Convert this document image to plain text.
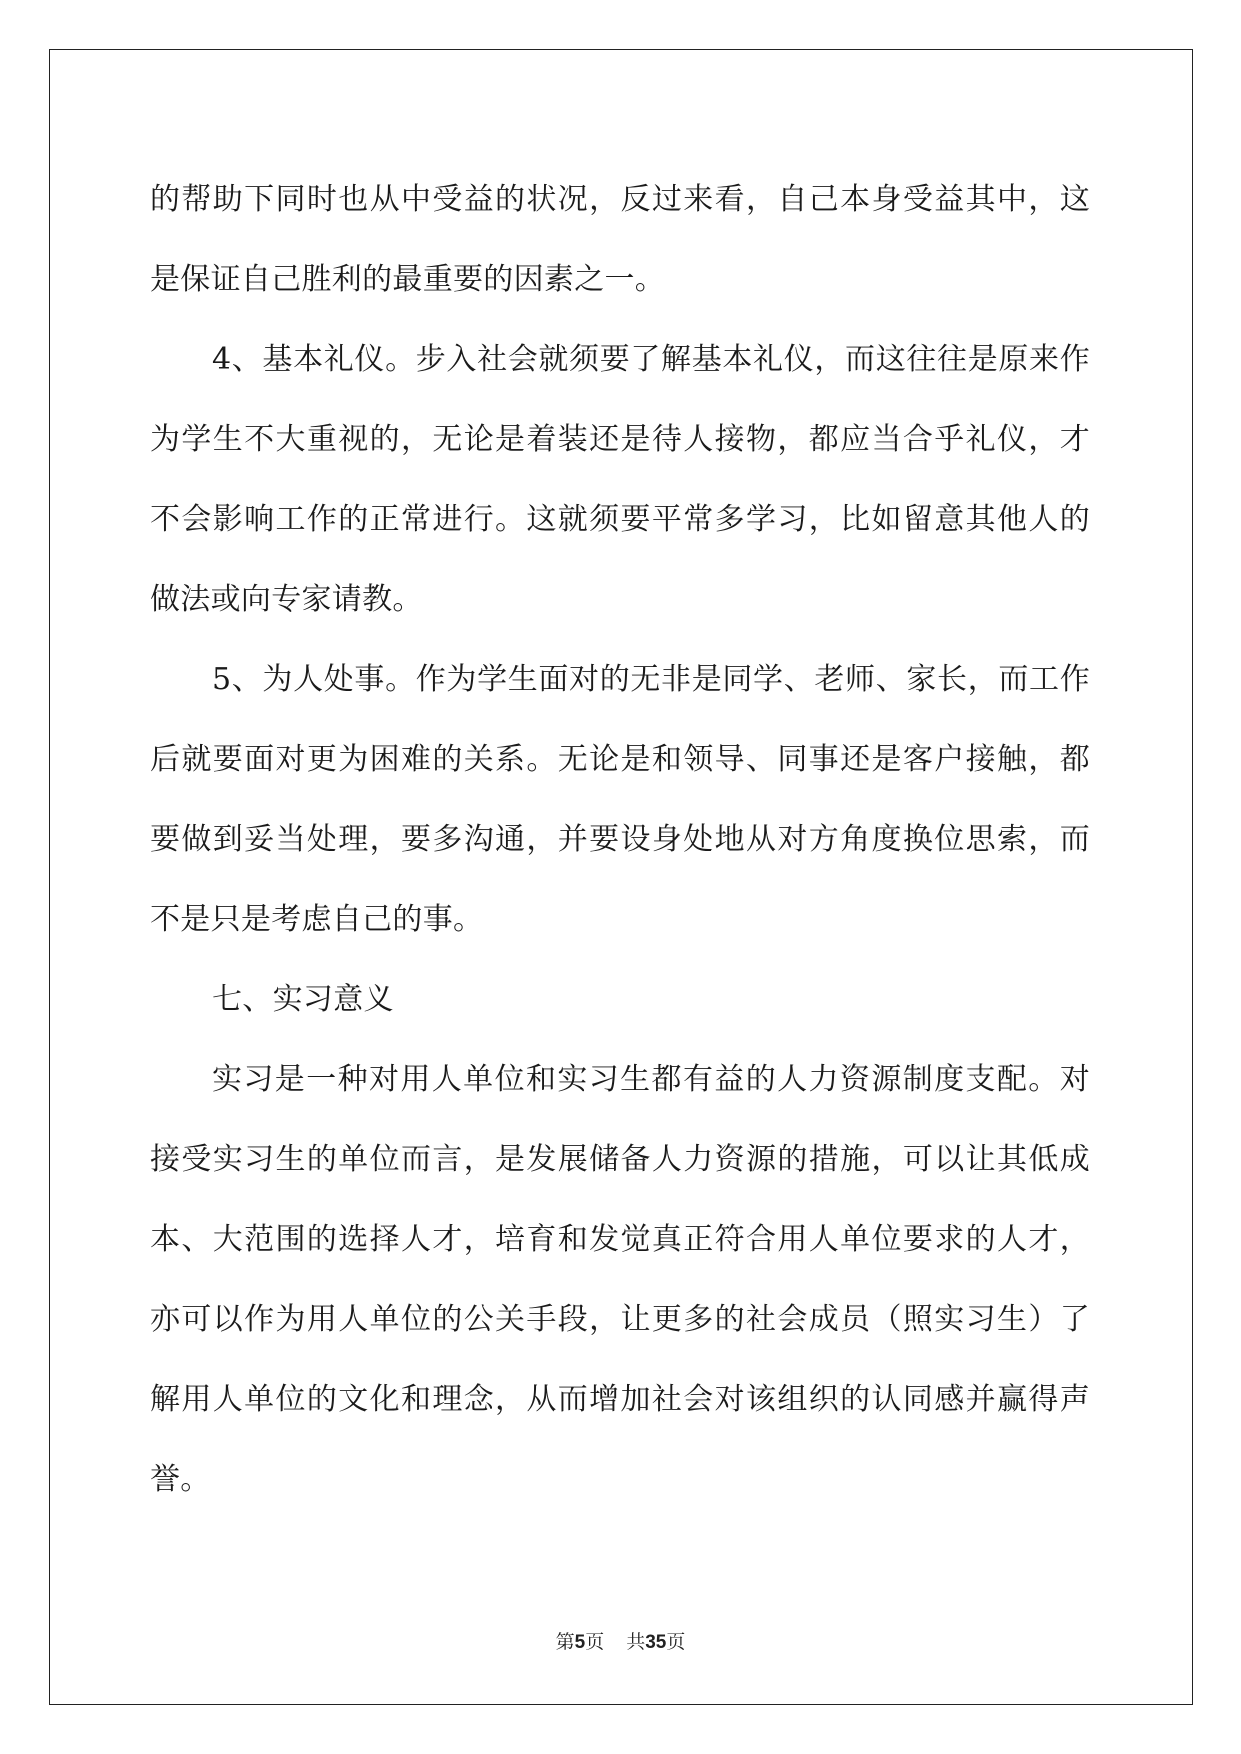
的帮助下同时也从中受益的状况，反过来看，自己本身受益其中，这
是保证自己胜利的最重要的因素之一。
4、基本礼仪。步入社会就须要了解基本礼仪，而这往往是原来作
为学生不大重视的，无论是着装还是待人接物，都应当合乎礼仪，才
不会影响工作的正常进行。这就须要平常多学习，比如留意其他人的
做法或向专家请教。
5、为人处事。作为学生面对的无非是同学、老师、家长，而工作
后就要面对更为困难的关系。无论是和领导、同事还是客户接触，都
要做到妥当处理，要多沟通，并要设身处地从对方角度换位思索，而
不是只是考虑自己的事。
七、实习意义
实习是一种对用人单位和实习生都有益的人力资源制度支配。对
接受实习生的单位而言，是发展储备人力资源的措施，可以让其低成
本、大范围的选择人才，培育和发觉真正符合用人单位要求的人才，
亦可以作为用人单位的公关手段，让更多的社会成员（照实习生）了
解用人单位的文化和理念，从而增加社会对该组织的认同感并赢得声
誉。
第5页 共35页
